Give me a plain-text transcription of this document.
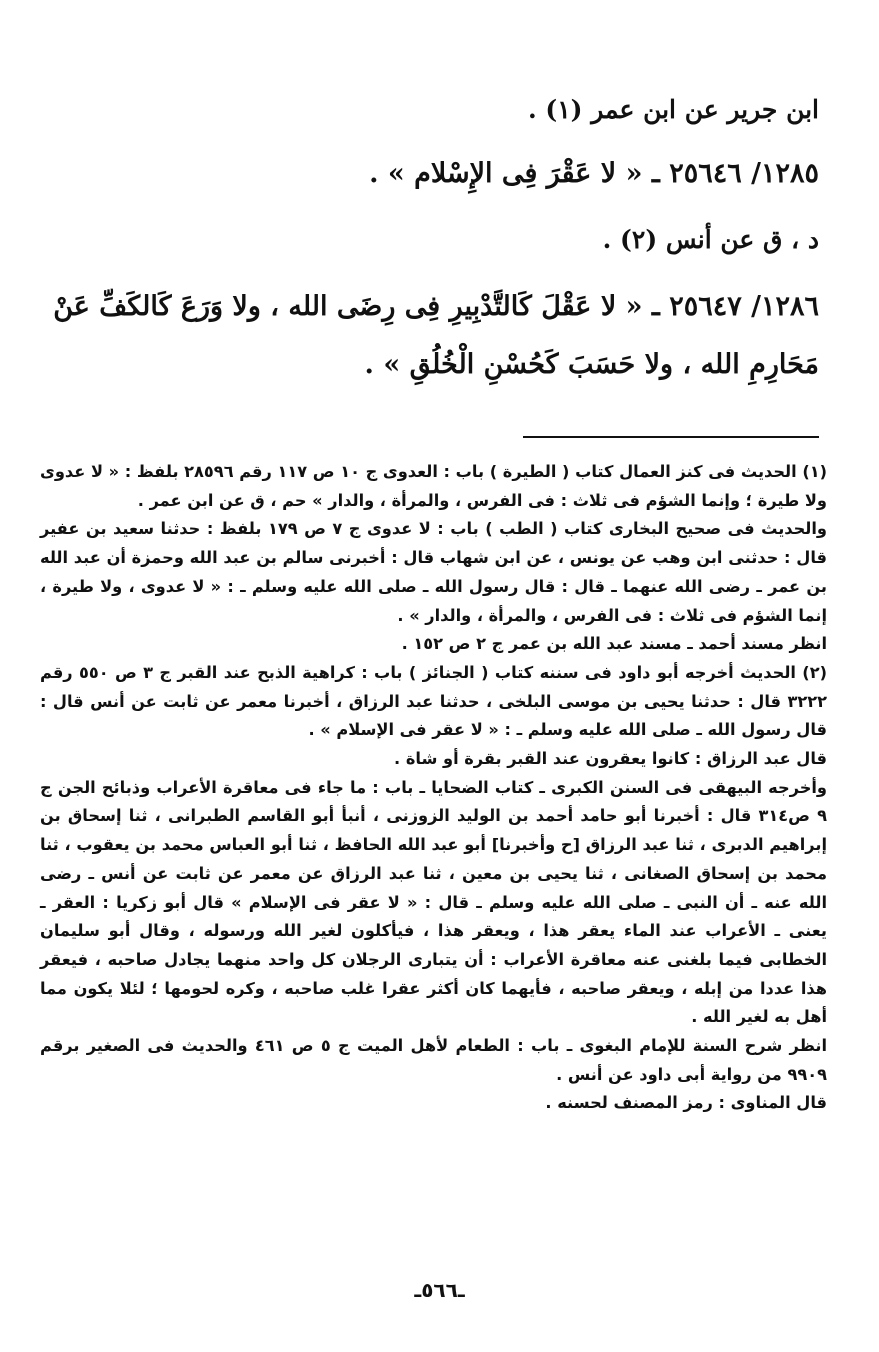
ابن جرير عن ابن عمر (١) .

١٢٨٥/ ٢٥٦٤٦ ـ « لا عَقْرَ فِى الإِسْلام » .

د ، ق عن أنس (٢) .

١٢٨٦/ ٢٥٦٤٧ ـ « لا عَقْلَ كَالتَّدْبِيرِ فِى رِضَى الله ، ولا وَرَعَ كَالكَفِّ عَنْ مَحَارِمِ الله ، ولا حَسَبَ كَحُسْنِ الْخُلُقِ » .

(١) الحديث فى كنز العمال كتاب ( الطيرة ) باب : العدوى ج ١٠ ص ١١٧ رقم ٢٨٥٩٦ بلفظ : « لا عدوى ولا طيرة ؛ وإنما الشؤم فى ثلاث : فى الفرس ، والمرأة ، والدار » حم ، ق عن ابن عمر .

والحديث فى صحيح البخارى كتاب ( الطب ) باب : لا عدوى ج ٧ ص ١٧٩ بلفظ : حدثنا سعيد بن عفير قال : حدثنى ابن وهب عن يونس ، عن ابن شهاب قال : أخبرنى سالم بن عبد الله وحمزة أن عبد الله بن عمر ـ رضى الله عنهما ـ قال : قال رسول الله ـ صلى الله عليه وسلم ـ : « لا عدوى ، ولا طيرة ، إنما الشؤم فى ثلاث : فى الفرس ، والمرأة ، والدار » .

انظر مسند أحمد ـ مسند عبد الله بن عمر ج ٢ ص ١٥٢ .

(٢) الحديث أخرجه أبو داود فى سننه كتاب ( الجنائز ) باب : كراهية الذبح عند القبر ج ٣ ص ٥٥٠ رقم ٣٢٢٢ قال : حدثنا يحيى بن موسى البلخى ، حدثنا عبد الرزاق ، أخبرنا معمر عن ثابت عن أنس قال : قال رسول الله ـ صلى الله عليه وسلم ـ : « لا عقر فى الإسلام » .

قال عبد الرزاق : كانوا يعقرون عند القبر بقرة أو شاة .

وأخرجه البيهقى فى السنن الكبرى ـ كتاب الضحايا ـ باب : ما جاء فى معاقرة الأعراب وذبائح الجن ج ٩ ص٣١٤ قال : أخبرنا أبو حامد أحمد بن الوليد الزوزنى ، أنبأ أبو القاسم الطبرانى ، ثنا إسحاق بن إبراهيم الدبرى ، ثنا عبد الرزاق [ح وأخبرنا] أبو عبد الله الحافظ ، ثنا أبو العباس محمد بن يعقوب ، ثنا محمد بن إسحاق الصغانى ، ثنا يحيى بن معين ، ثنا عبد الرزاق عن معمر عن ثابت عن أنس ـ رضى الله عنه ـ أن النبى ـ صلى الله عليه وسلم ـ قال : « لا عقر فى الإسلام » قال أبو زكريا : العقر ـ يعنى ـ الأعراب عند الماء يعقر هذا ، ويعقر هذا ، فيأكلون لغير الله ورسوله ، وقال أبو سليمان الخطابى فيما بلغنى عنه معاقرة الأعراب : أن يتبارى الرجلان كل واحد منهما يجادل صاحبه ، فيعقر هذا عددا من إبله ، ويعقر صاحبه ، فأيهما كان أكثر عقرا غلب صاحبه ، وكره لحومها ؛ لئلا يكون مما أهل به لغير الله .

انظر شرح السنة للإمام البغوى ـ باب : الطعام لأهل الميت ج ٥ ص ٤٦١ والحديث فى الصغير برقم ٩٩٠٩ من رواية أبى داود عن أنس .

قال المناوى : رمز المصنف لحسنه .

ـ٥٦٦ـ
